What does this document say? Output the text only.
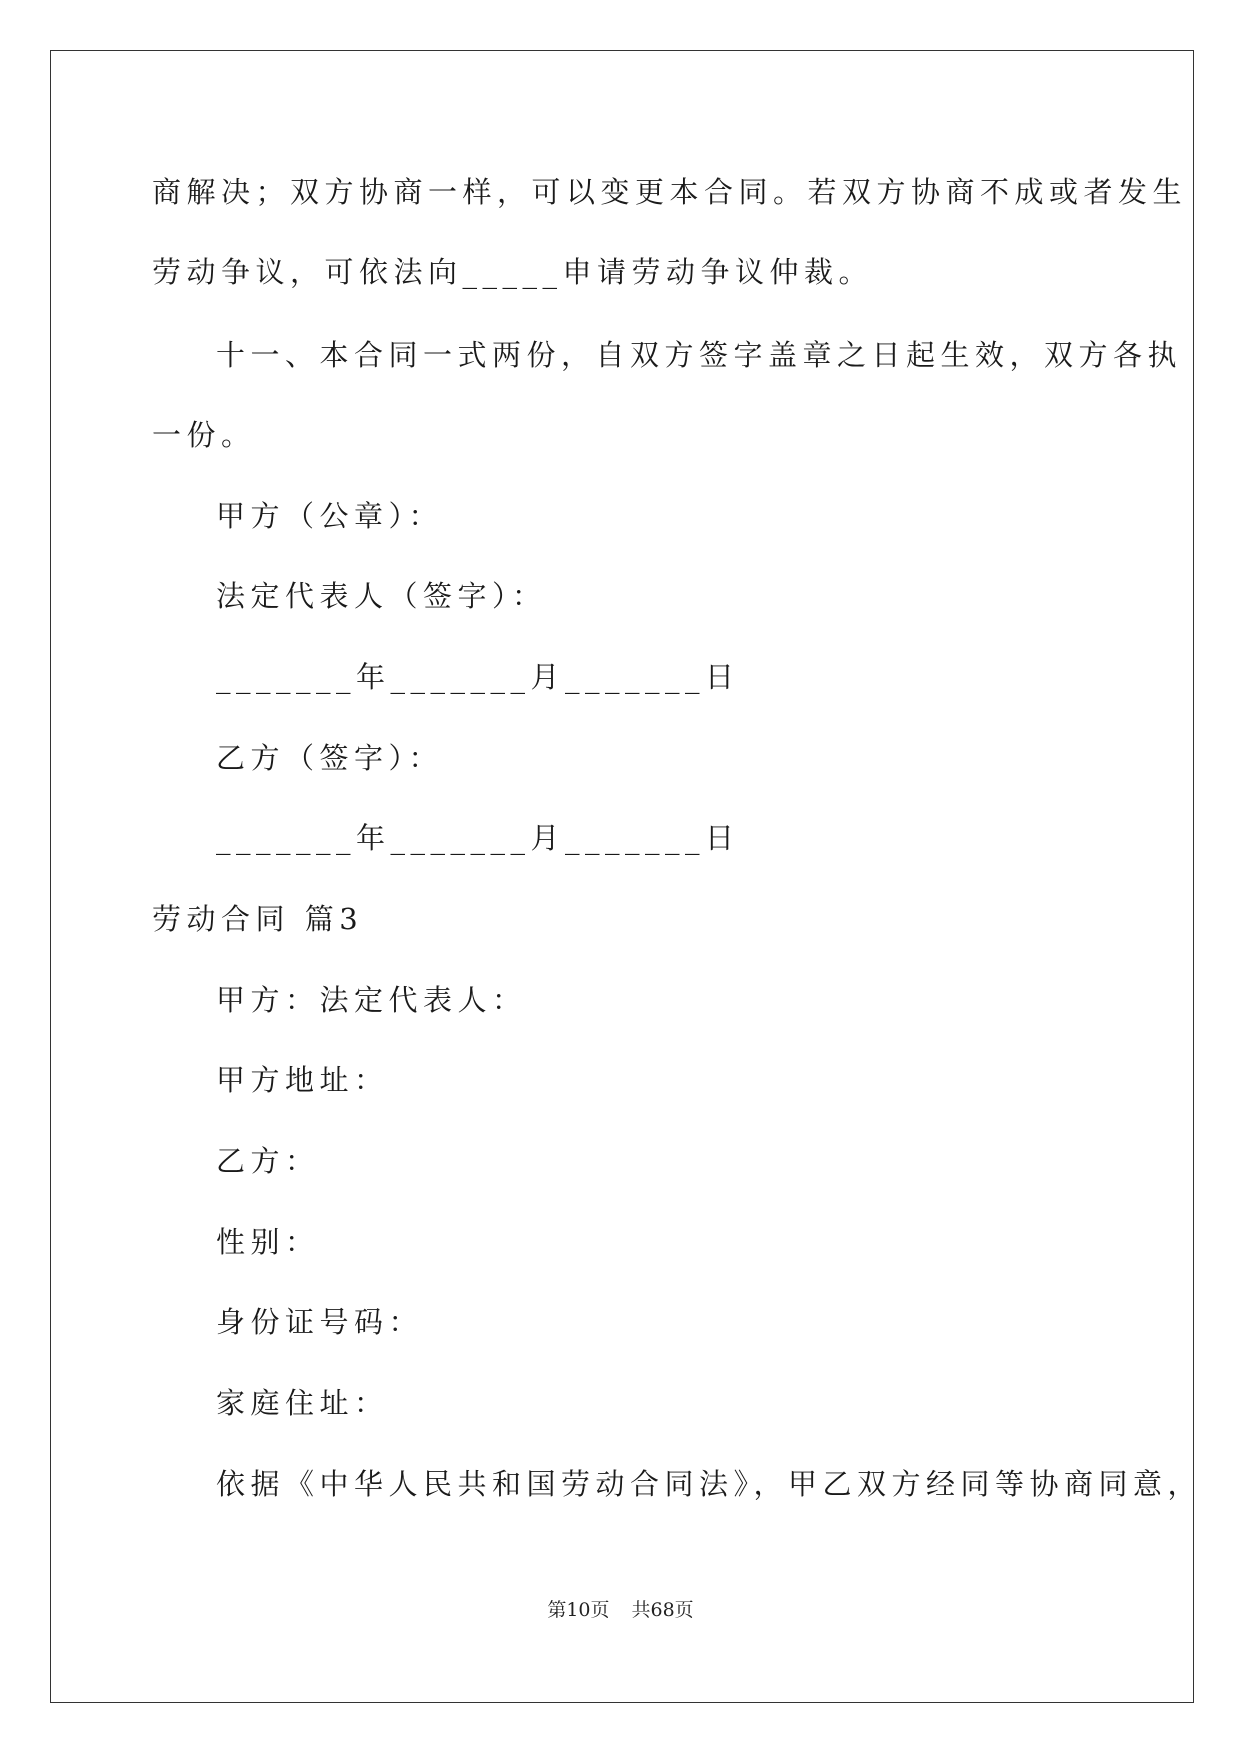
商解决；双方协商一样，可以变更本合同。若双方协商不成或者发生
劳动争议，可依法向_____申请劳动争议仲裁。
十一、本合同一式两份，自双方签字盖章之日起生效，双方各执
一份。
甲方（公章）：
法定代表人（签字）：
_______年_______月_______日
乙方（签字）：
_______年_______月_______日
劳动合同 篇3
甲方：法定代表人：
甲方地址：
乙方：
性别：
身份证号码：
家庭住址：
依据《中华人民共和国劳动合同法》，甲乙双方经同等协商同意，
第10页 共68页
